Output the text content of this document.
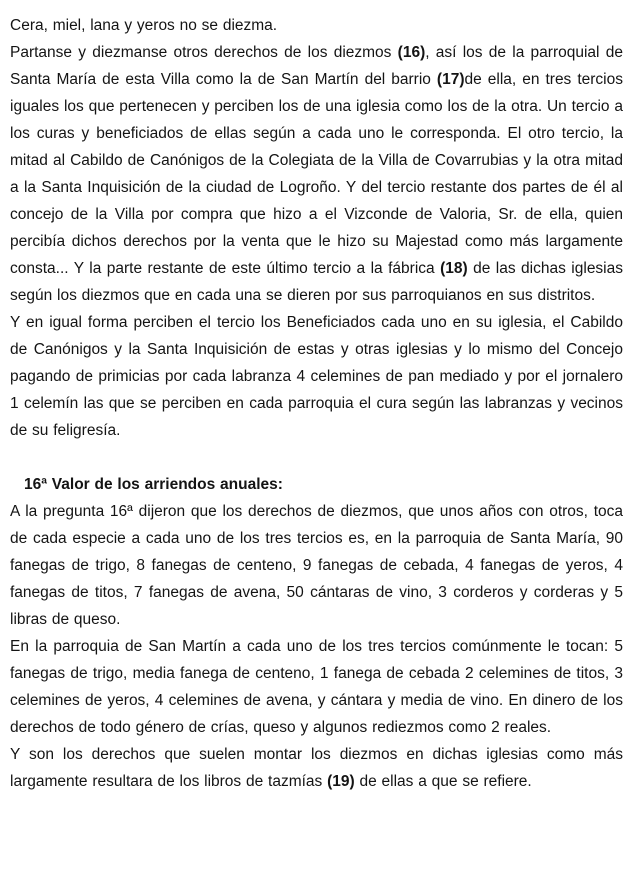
Cera, miel, lana y yeros no se diezma.

Partanse y diezmanse otros derechos de los diezmos (16), así los de la parroquial de Santa María de esta Villa como la de San Martín del barrio (17)de ella, en tres tercios iguales los que pertenecen y perciben los de una iglesia como los de la otra. Un tercio a los curas y beneficiados de ellas según a cada uno le corresponda. El otro tercio, la mitad al Cabildo de Canónigos de la Colegiata de la Villa de Covarrubias y la otra mitad a la Santa Inquisición de la ciudad de Logroño. Y del tercio restante dos partes de él al concejo de la Villa por compra que hizo a el Vizconde de Valoria, Sr. de ella, quien percibía dichos derechos por la venta que le hizo su Majestad como más largamente consta... Y la parte restante de este último tercio a la fábrica (18) de las dichas iglesias según los diezmos que en cada una se dieren por sus parroquianos en sus distritos.

Y en igual forma perciben el tercio los Beneficiados cada uno en su iglesia, el Cabildo de Canónigos y la Santa Inquisición de estas y otras iglesias y lo mismo del Concejo pagando de primicias por cada labranza 4 celemines de pan mediado y por el jornalero 1 celemín las que se perciben en cada parroquia el cura según las labranzas y vecinos de su feligresía.

16ª Valor de los arriendos anuales:

A la pregunta 16ª dijeron que los derechos de diezmos, que unos años con otros, toca de cada especie a cada uno de los tres tercios es, en la parroquia de Santa María, 90 fanegas de trigo, 8 fanegas de centeno, 9 fanegas de cebada, 4 fanegas de yeros, 4 fanegas de titos, 7 fanegas de avena, 50 cántaras de vino, 3 corderos y corderas y 5 libras de queso.

En la parroquia de San Martín a cada uno de los tres tercios comúnmente le tocan: 5 fanegas de trigo, media fanega de centeno, 1 fanega de cebada 2 celemines de titos, 3 celemines de yeros, 4 celemines de avena, y cántara y media de vino. En dinero de los derechos de todo género de crías, queso y algunos rediezmos como 2 reales.

Y son los derechos que suelen montar los diezmos en dichas iglesias como más largamente resultara de los libros de tazmías (19) de ellas a que se refiere.
